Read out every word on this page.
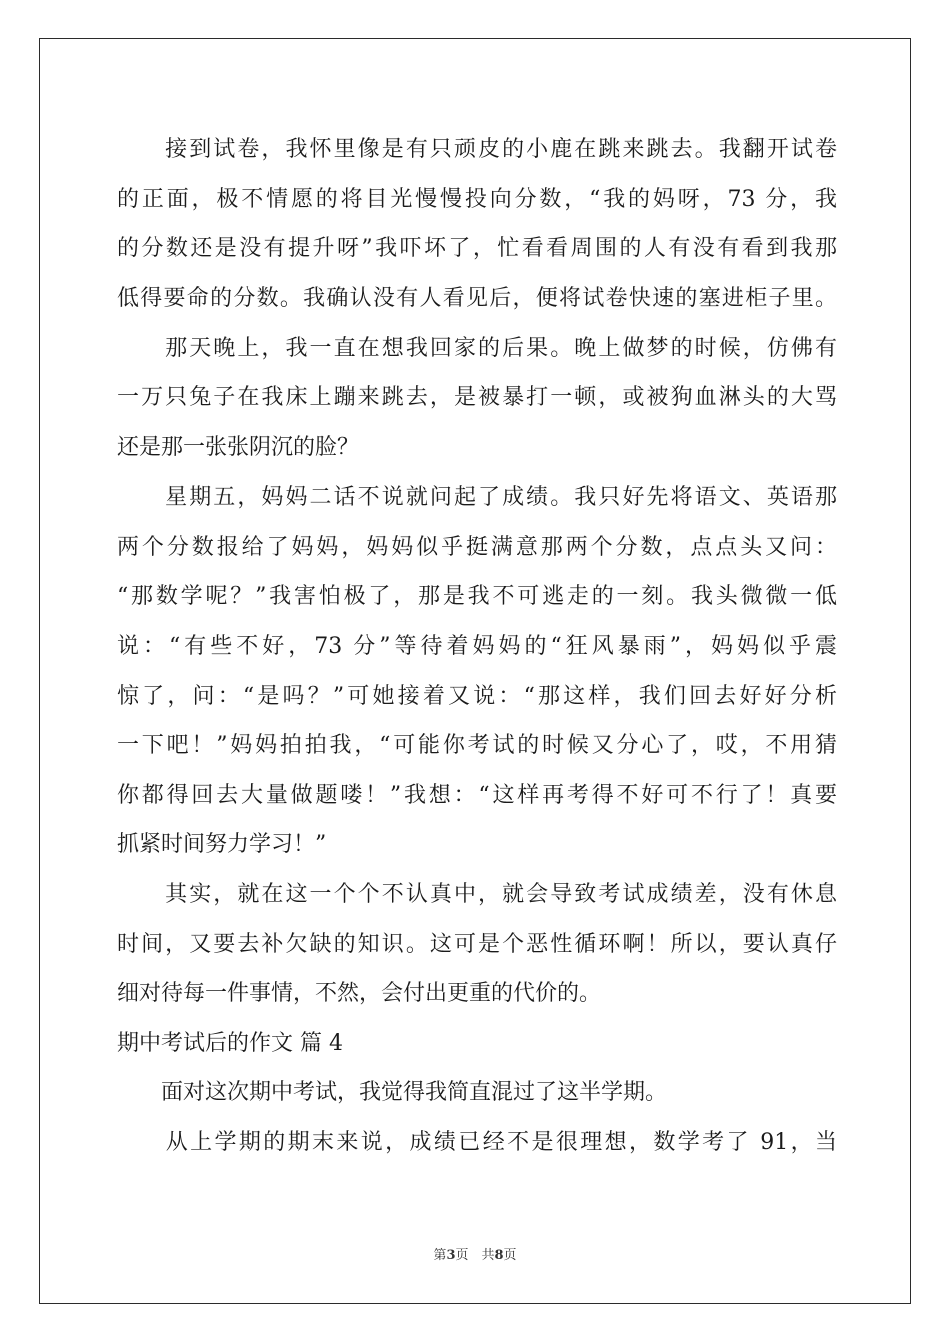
　　接到试卷，我怀里像是有只顽皮的小鹿在跳来跳去。我翻开试卷
的正面，极不情愿的将目光慢慢投向分数，“我的妈呀，73 分，我
的分数还是没有提升呀”我吓坏了，忙看看周围的人有没有看到我那
低得要命的分数。我确认没有人看见后，便将试卷快速的塞进柜子里。
　　那天晚上，我一直在想我回家的后果。晚上做梦的时候，仿佛有
一万只兔子在我床上蹦来跳去，是被暴打一顿，或被狗血淋头的大骂
还是那一张张阴沉的脸？
　　星期五，妈妈二话不说就问起了成绩。我只好先将语文、英语那
两个分数报给了妈妈，妈妈似乎挺满意那两个分数，点点头又问：
“那数学呢？”我害怕极了，那是我不可逃走的一刻。我头微微一低
说：“有些不好，73 分”等待着妈妈的“狂风暴雨”，妈妈似乎震
惊了，问：“是吗？”可她接着又说：“那这样，我们回去好好分析
一下吧！”妈妈拍拍我，“可能你考试的时候又分心了，哎，不用猜
你都得回去大量做题喽！”我想：“这样再考得不好可不行了！真要
抓紧时间努力学习！”
　　其实，就在这一个个不认真中，就会导致考试成绩差，没有休息
时间，又要去补欠缺的知识。这可是个恶性循环啊！所以，要认真仔
细对待每一件事情，不然，会付出更重的代价的。
期中考试后的作文 篇 4
　　面对这次期中考试，我觉得我简直混过了这半学期。
　　从上学期的期末来说，成绩已经不是很理想，数学考了 91，当
第3页　共8页
